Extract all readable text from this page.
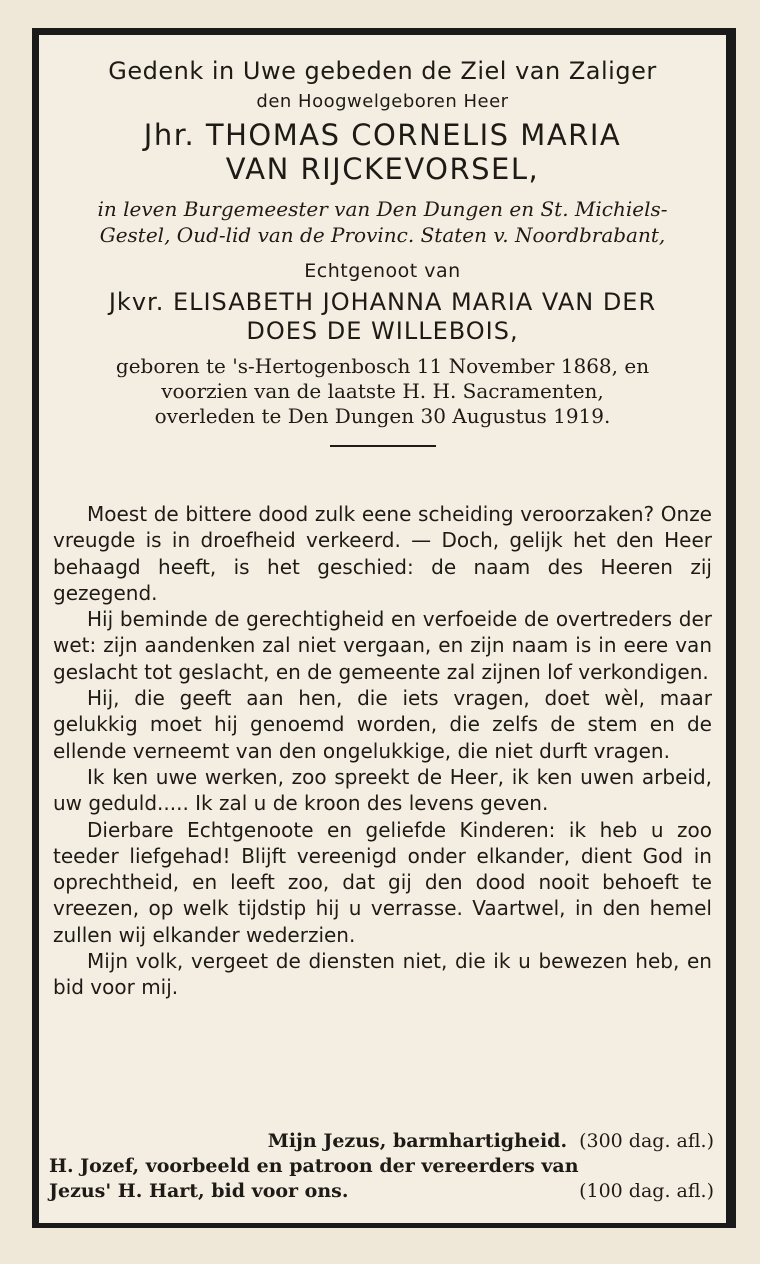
Gedenk in Uwe gebeden de Ziel van Zaliger
den Hoogwelgeboren Heer
Jhr. THOMAS CORNELIS MARIA
VAN RIJCKEVORSEL,
in leven Burgemeester van Den Dungen en St. Michiels-
Gestel, Oud-lid van de Provinc. Staten v. Noordbrabant,
Echtgenoot van
Jkvr. ELISABETH JOHANNA MARIA VAN DER
DOES DE WILLEBOIS,
geboren te 's-Hertogenbosch 11 November 1868, en
voorzien van de laatste H. H. Sacramenten,
overleden te Den Dungen 30 Augustus 1919.

Moest de bittere dood zulk eene scheiding veroorzaken? Onze vreugde is in droefheid verkeerd. — Doch, gelijk het den Heer behaagd heeft, is het geschied: de naam des Heeren zij gezegend.

Hij beminde de gerechtigheid en verfoeide de overtreders der wet: zijn aandenken zal niet vergaan, en zijn naam is in eere van geslacht tot geslacht, en de gemeente zal zijnen lof verkondigen.

Hij, die geeft aan hen, die iets vragen, doet wèl, maar gelukkig moet hij genoemd worden, die zelfs de stem en de ellende verneemt van den ongelukkige, die niet durft vragen.

Ik ken uwe werken, zoo spreekt de Heer, ik ken uwen arbeid, uw geduld..... Ik zal u de kroon des levens geven.

Dierbare Echtgenoote en geliefde Kinderen: ik heb u zoo teeder liefgehad! Blijft vereenigd onder elkander, dient God in oprechtheid, en leeft zoo, dat gij den dood nooit behoeft te vreezen, op welk tijdstip hij u verrasse. Vaartwel, in den hemel zullen wij elkander wederzien.

Mijn volk, vergeet de diensten niet, die ik u bewezen heb, en bid voor mij.

Mijn Jezus, barmhartigheid. (300 dag. afl.)
H. Jozef, voorbeeld en patroon der vereerders van
Jezus' H. Hart, bid voor ons.	(100 dag. afl.)
